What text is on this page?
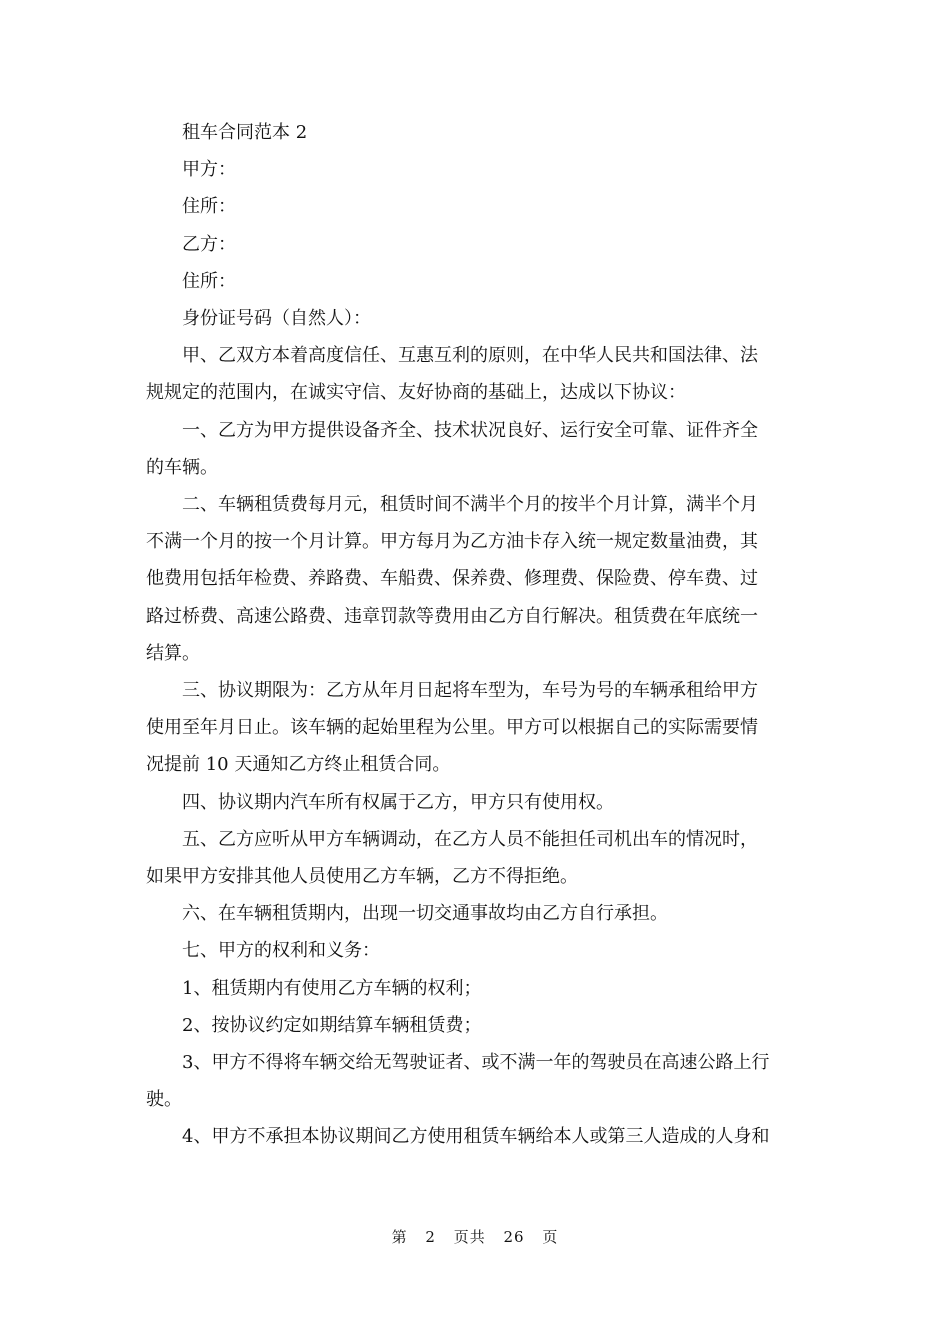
租车合同范本 2

甲方：

住所：

乙方：

住所：

身份证号码（自然人）：

甲、乙双方本着高度信任、互惠互利的原则，在中华人民共和国法律、法

规规定的范围内，在诚实守信、友好协商的基础上，达成以下协议：

一、乙方为甲方提供设备齐全、技术状况良好、运行安全可靠、证件齐全

的车辆。

二、车辆租赁费每月元，租赁时间不满半个月的按半个月计算，满半个月

不满一个月的按一个月计算。甲方每月为乙方油卡存入统一规定数量油费，其

他费用包括年检费、养路费、车船费、保养费、修理费、保险费、停车费、过

路过桥费、高速公路费、违章罚款等费用由乙方自行解决。租赁费在年底统一

结算。

三、协议期限为：乙方从年月日起将车型为，车号为号的车辆承租给甲方

使用至年月日止。该车辆的起始里程为公里。甲方可以根据自己的实际需要情

况提前 10 天通知乙方终止租赁合同。

四、协议期内汽车所有权属于乙方，甲方只有使用权。

五、乙方应听从甲方车辆调动，在乙方人员不能担任司机出车的情况时，

如果甲方安排其他人员使用乙方车辆，乙方不得拒绝。

六、在车辆租赁期内，出现一切交通事故均由乙方自行承担。

七、甲方的权利和义务：

1、租赁期内有使用乙方车辆的权利；

2、按协议约定如期结算车辆租赁费；

3、甲方不得将车辆交给无驾驶证者、或不满一年的驾驶员在高速公路上行

驶。

4、甲方不承担本协议期间乙方使用租赁车辆给本人或第三人造成的人身和

第 2 页共 26 页
